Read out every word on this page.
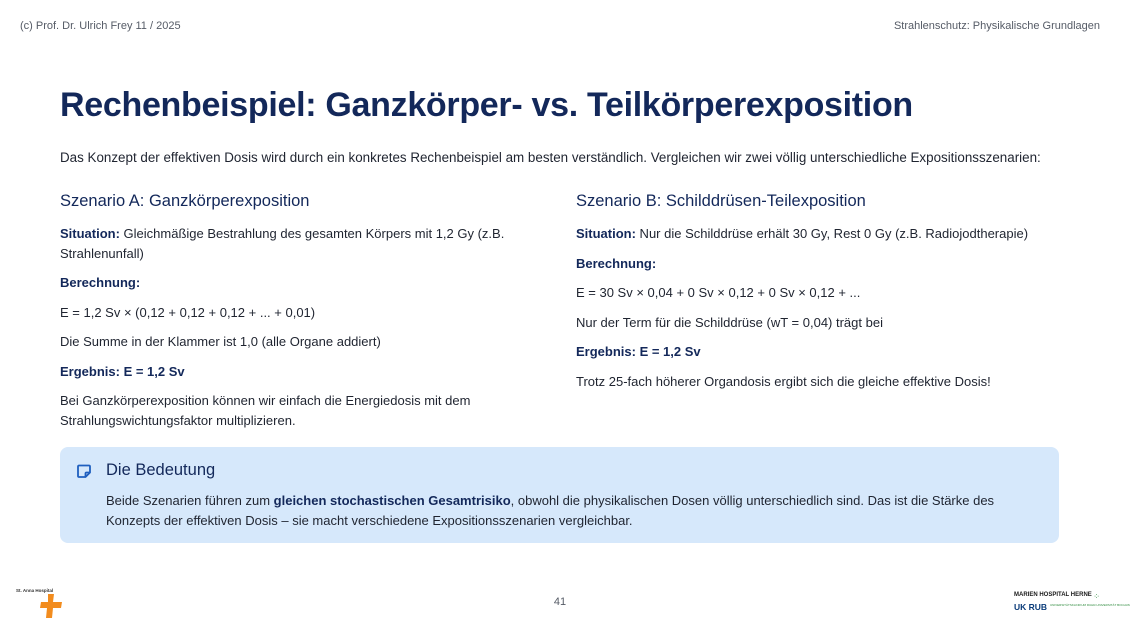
(c) Prof. Dr. Ulrich Frey 11 / 2025	Strahlenschutz: Physikalische Grundlagen
Rechenbeispiel: Ganzkörper- vs. Teilkörperexposition
Das Konzept der effektiven Dosis wird durch ein konkretes Rechenbeispiel am besten verständlich. Vergleichen wir zwei völlig unterschiedliche Expositionsszenarien:
Szenario A: Ganzkörperexposition

Situation: Gleichmäßige Bestrahlung des gesamten Körpers mit 1,2 Gy (z.B. Strahlenunfall)

Berechnung:

E = 1,2 Sv × (0,12 + 0,12 + 0,12 + ... + 0,01)

Die Summe in der Klammer ist 1,0 (alle Organe addiert)

Ergebnis: E = 1,2 Sv

Bei Ganzkörperexposition können wir einfach die Energiedosis mit dem Strahlungswichtungsfaktor multiplizieren.

Szenario B: Schilddrüsen-Teilexposition

Situation: Nur die Schilddrüse erhält 30 Gy, Rest 0 Gy (z.B. Radiojodtherapie)

Berechnung:

E = 30 Sv × 0,04 + 0 Sv × 0,12 + 0 Sv × 0,12 + ...

Nur der Term für die Schilddrüse (wT = 0,04) trägt bei

Ergebnis: E = 1,2 Sv

Trotz 25-fach höherer Organdosis ergibt sich die gleiche effektive Dosis!

Die Bedeutung
Beide Szenarien führen zum gleichen stochastischen Gesamtrisiko, obwohl die physikalischen Dosen völlig unterschiedlich sind. Das ist die Stärke des Konzepts der effektiven Dosis – sie macht verschiedene Expositionsszenarien vergleichbar.
41
St. Anna Hospital
MARIEN HOSPITAL HERNE ⁘
UK RUB UNIVERSITÄTSKLINIKUM RUHR-UNIVERSITÄT BOCHUM
